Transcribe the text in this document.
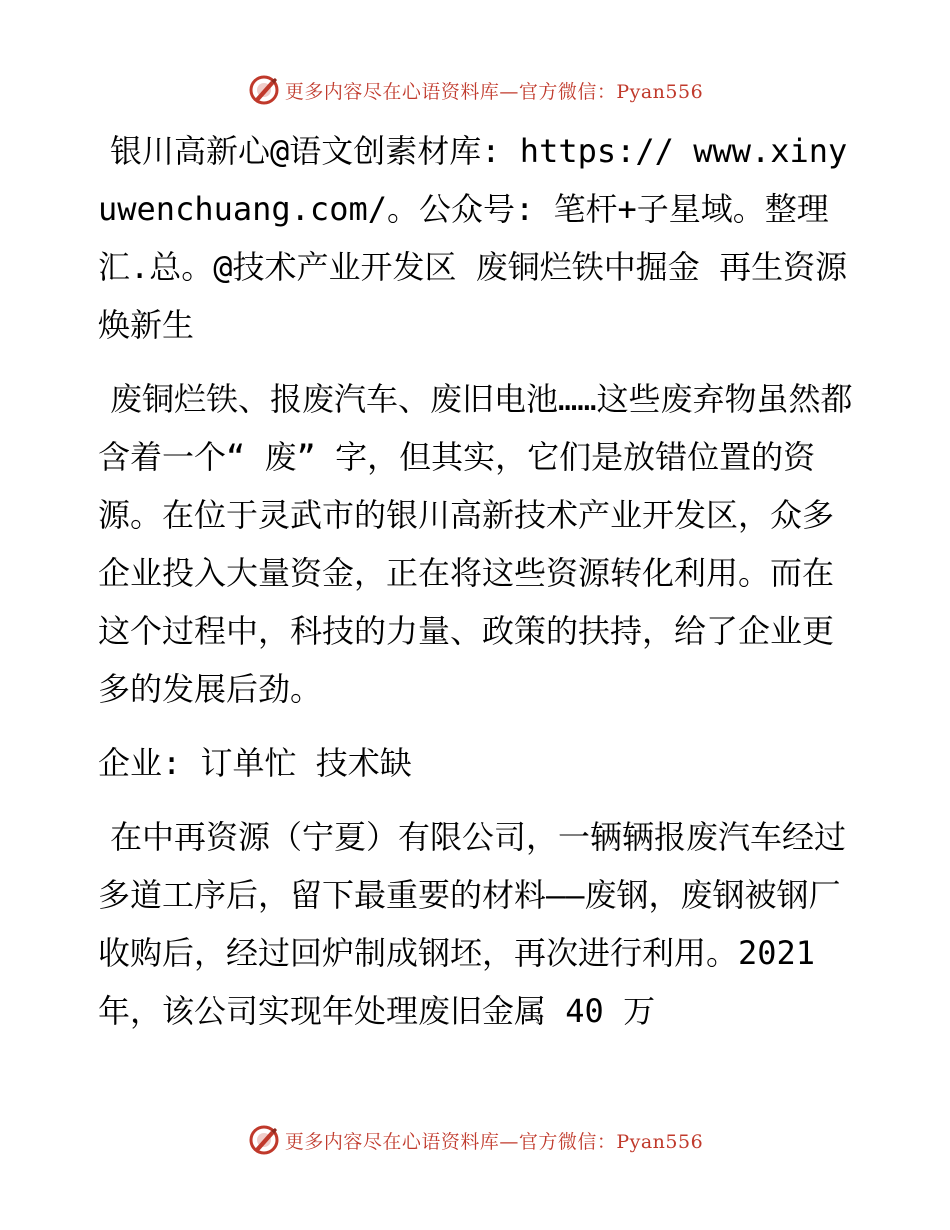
更多内容尽在心语资料库—官方微信：Pyan556

银川高新心@语文创素材库: https:// www.xinyuwenchuang.com/。公众号: 笔杆+子星域。整理汇.总。@技术产业开发区 废铜烂铁中掘金 再生资源焕新生

废铜烂铁、报废汽车、废旧电池……这些废弃物虽然都含着一个“ 废” 字，但其实，它们是放错位置的资源。在位于灵武市的银川高新技术产业开发区，众多企业投入大量资金，正在将这些资源转化利用。而在这个过程中，科技的力量、政策的扶持，给了企业更多的发展后劲。

企业: 订单忙 技术缺

在中再资源（宁夏）有限公司，一辆辆报废汽车经过多道工序后，留下最重要的材料——废钢，废钢被钢厂收购后，经过回炉制成钢坯，再次进行利用。2021 年，该公司实现年处理废旧金属 40 万

更多内容尽在心语资料库—官方微信：Pyan556
